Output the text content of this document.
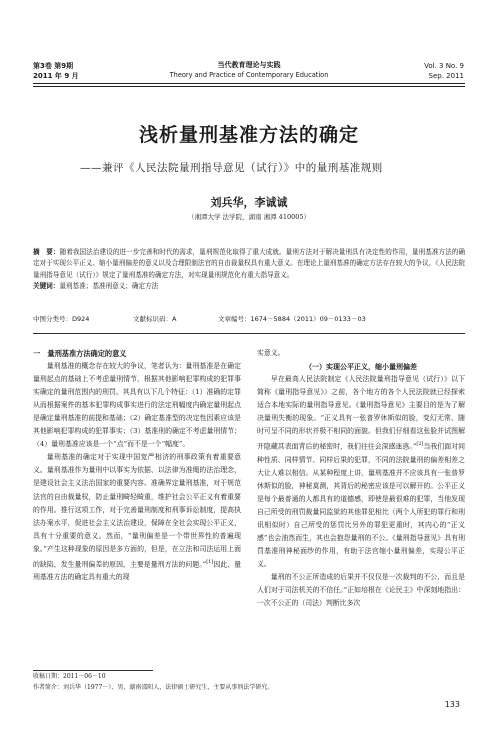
第3卷 第9期
2011 年 9 月
当代教育理论与实践
Theory and Practice of Contemporary Education
Vol. 3 No. 9
Sep. 2011
浅析量刑基准方法的确定
——兼评《人民法院量刑指导意见（试行）》中的量刑基准规则
刘兵华，李诚诚
（湘潭大学 法学院，湖南 湘潭 410005）
摘　要：随着我国法治建设的进一步完善和时代的需求，量刑规范化取得了重大成就。量刑方法对于解决量刑具有决定性的作用，量刑基准方法的确定对于实现公平正义、缩小量刑偏差的意义以及合理限制法官的自由裁量权具有重大意义。在理论上量刑基准的确定方法存在较大的争议，《人民法院量刑指导意见（试行）》规定了量刑基准的确定方法，对实现量刑规范化有重大指导意义。
关键词：量刑基准；基准刑意义；确定方法
中图分类号：D924	文献标识码：A	文章编号：1674－5884（2011）09－0133－03
一　量刑基准方法确定的意义

量刑基准的概念存在较大的争议，笔者认为：量刑基准是在确定量刑起点的基础上不考虑量刑情节，根据其他影响犯罪构成的犯罪事实确定的量刑范围内的刑罚。其具有以下几个特征：（1）准确的定罪从而根据案件的基本犯罪构成事实进行的法定刑幅度内确定量刑起点是确定量刑基准的前提和基础；（2）确定基准型的决定性因素应该是其他影响犯罪构成的犯罪事实；（3）基准刑的确定不考虑量刑情节；（4）量刑基准应该是一个“点”而不是一个“幅度”。

量刑基准的确定对于实现中国宽严相济的刑事政策有着重要意义。量刑基准作为量刑中以事实为依据、以法律为准绳的法治理念，是建设社会主义法治国家的重要内容。准确界定量刑基准，对于规范法官的自由裁量权，防止量刑畸轻畸重，维护社会公平正义有着重要的作用。推行这项工作，对于完善量刑制度和刑事诉讼制度，提高执法办案水平，促进社会主义法治建设，保障在全社会实现公平正义，具有十分重要的意义。然而，“量刑偏差是一个带世界性的普遍现象。”产生这种现象的原因是多方面的，但是，在立法和司法运用上面的缺陷，发生量刑偏差的原因，主要是量刑方法的问题。”[1]因此，量刑基准方法的确定具有重大的现

实意义。
（一）实现公平正义，缩小量刑偏差

早在最高人民法院制定《人民法院量刑指导意见（试行）》以下简称《量刑指导意见》）之前，各个地方的各个人民法院就已经探索适合本地实际的量刑指导意见。《量刑指导意见》主要目的是为了解决量刑失衡的现象。“正义具有一张普罗休斯似的脸，变幻无常、随时可呈不同的形状并极不相同的面貌。但我们仔细看这张脸并试图解开隐藏其表面背后的秘密时，我们往往会深感迷惑。”[2]当我们面对同种性质、同样情节、同样后果的犯罪，不同的法院量刑的偏差相差之大让人难以相信。从某种程度上讲，量刑基准并不应该具有一张普罗休斯似的脸，神秘莫测，其背后的秘密应该是可以解开的。公平正义是每个最普通的人都具有的道德感，即使是最很难的犯罪，当他发现自己所受的刑罚裁量同监狱的其他罪犯相比（两个人所犯的罪行和刑讯相似时）自己所受的惩罚比另外的罪犯更重时，其内心的“正义感”也会油然而生，其也会抱怨量刑的不公。《量刑指导意见》具有刑罚基准刑神秘面纱的作用，有助于法官缩小量刑偏差，实现公平正义。

量刑的不公正所造成的后果并不仅仅是一次裁判的不公，而且是人们对于司法机关的不信任。”正如培根在《论民主》中深刻地指出：一次不公正的（司法）判断比多次

收稿日期：2011－06－10
作者简介：刘兵华（1977－），男，湖南邵阳人，法律硕士研究生，主要从事刑法学研究。
133
